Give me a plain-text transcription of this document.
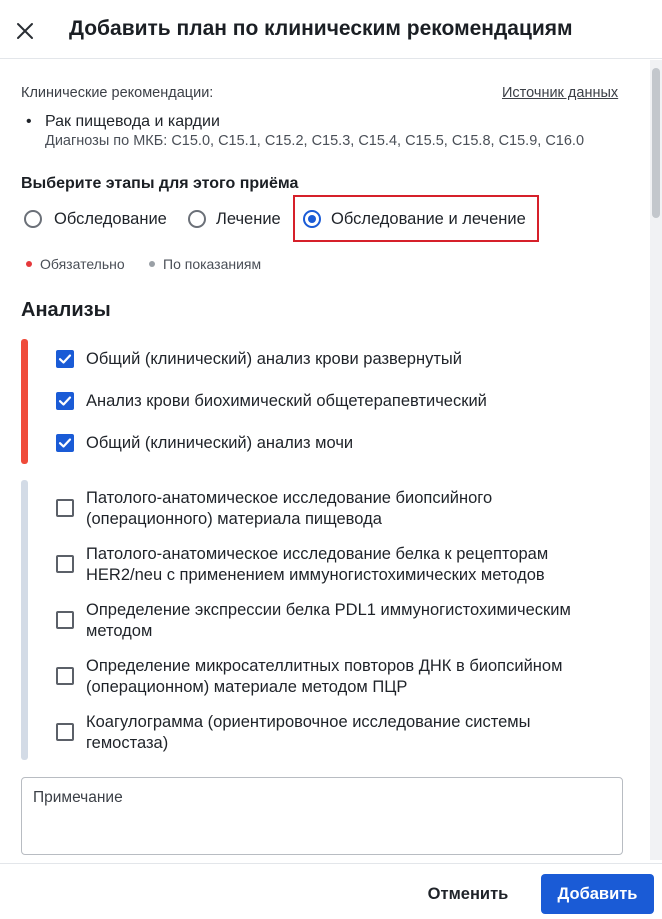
Добавить план по клиническим рекомендациям
Клинические рекомендации:	Источник данных
• Рак пищевода и кардии
Диагнозы по МКБ: C15.0, C15.1, C15.2, C15.3, C15.4, C15.5, C15.8, C15.9, C16.0
Выберите этапы для этого приёма
Обследование	Лечение	Обследование и лечение
Обязательно	По показаниям
Анализы
Общий (клинический) анализ крови развернутый
Анализ крови биохимический общетерапевтический
Общий (клинический) анализ мочи
Патолого-анатомическое исследование биопсийного
(операционного) материала пищевода
Патолого-анатомическое исследование белка к рецепторам
HER2/neu с применением иммуногистохимических методов
Определение экспрессии белка PDL1 иммуногистохимическим
методом
Определение микросателлитных повторов ДНК в биопсийном
(операционном) материале методом ПЦР
Коагулограмма (ориентировочное исследование системы
гемостаза)
Примечание
Отменить	Добавить
